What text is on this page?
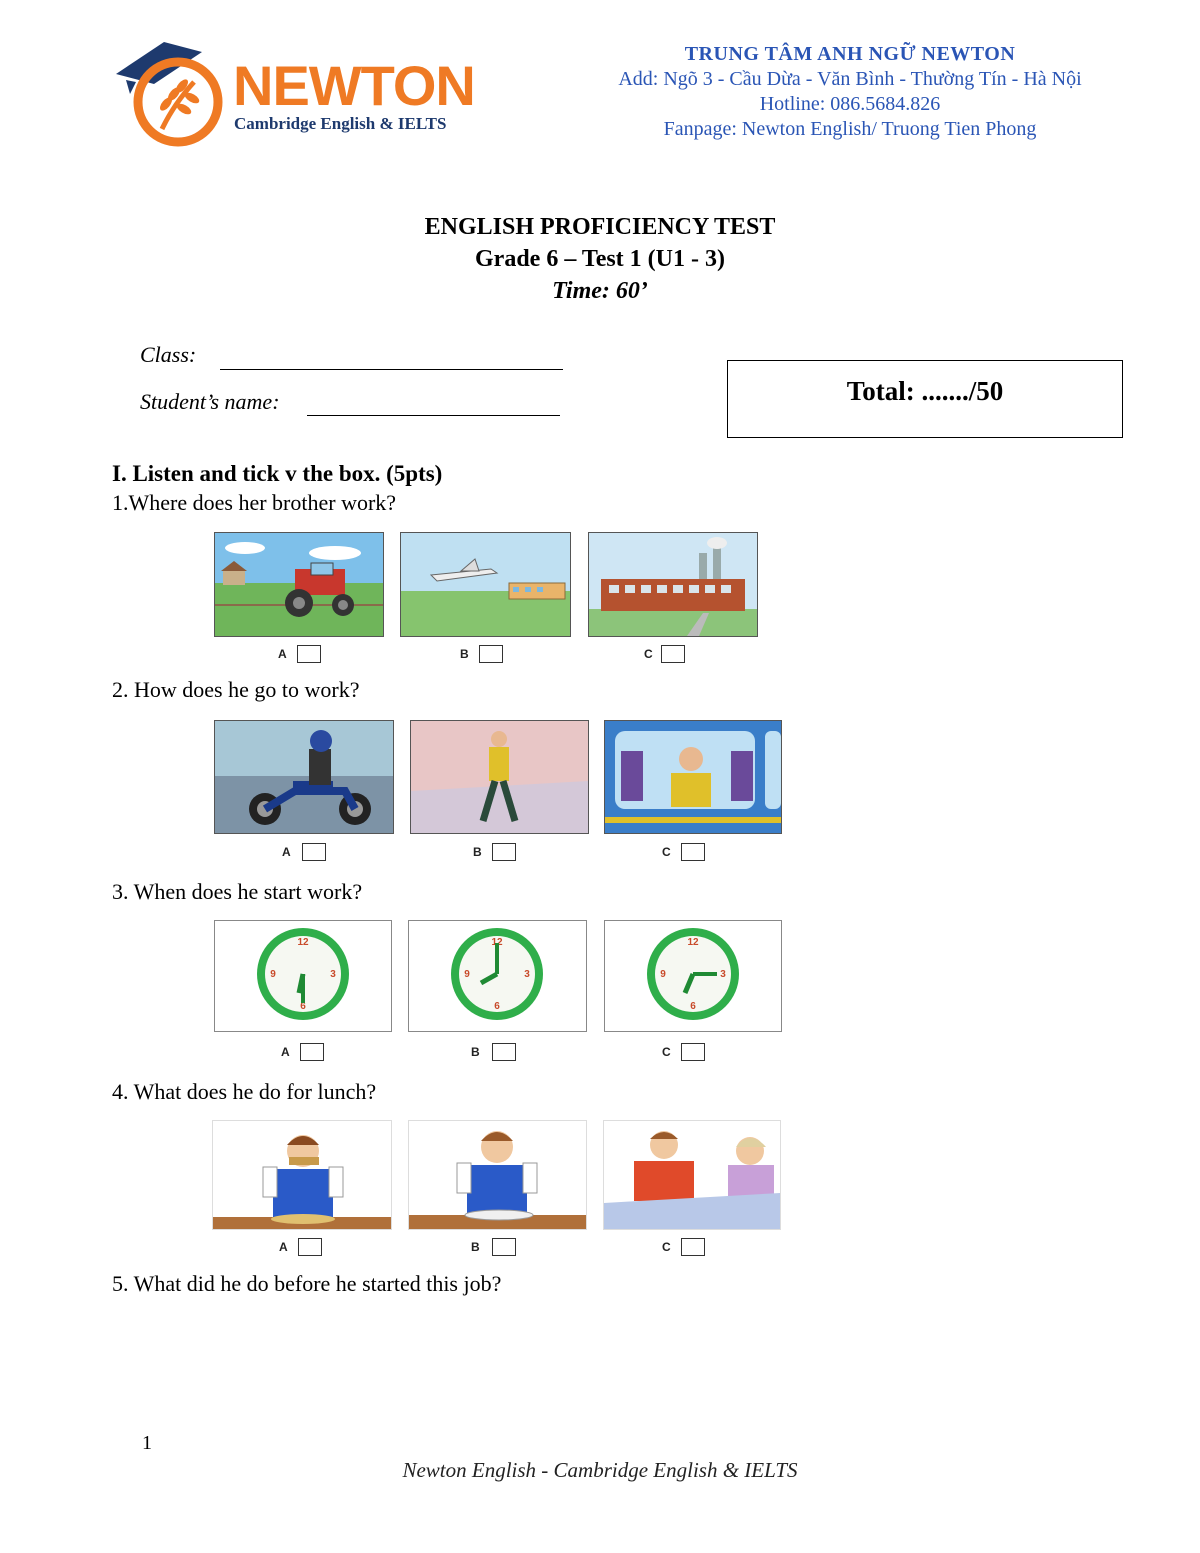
NEWTON
Cambridge English & IELTS
TRUNG TÂM ANH NGỮ NEWTON
Add: Ngõ 3 - Cầu Dừa - Văn Bình - Thường Tín - Hà Nội
Hotline: 086.5684.826
Fanpage: Newton English/ Truong Tien Phong
ENGLISH PROFICIENCY TEST
Grade 6 – Test 1 (U1 - 3)
Time: 60’
Class:
Student’s name:	Total: ......./50
I. Listen and tick v the box. (5pts)
1.Where does her brother work?
A	B	C
2. How does he go to work?
A	B	C
3. When does he start work?
12
3
6
9
A
12
3
6
9
B
12
3
6
9
C
4. What does he do for lunch?
A	B	C
5. What did he do before he started this job?
1
Newton English - Cambridge English & IELTS
